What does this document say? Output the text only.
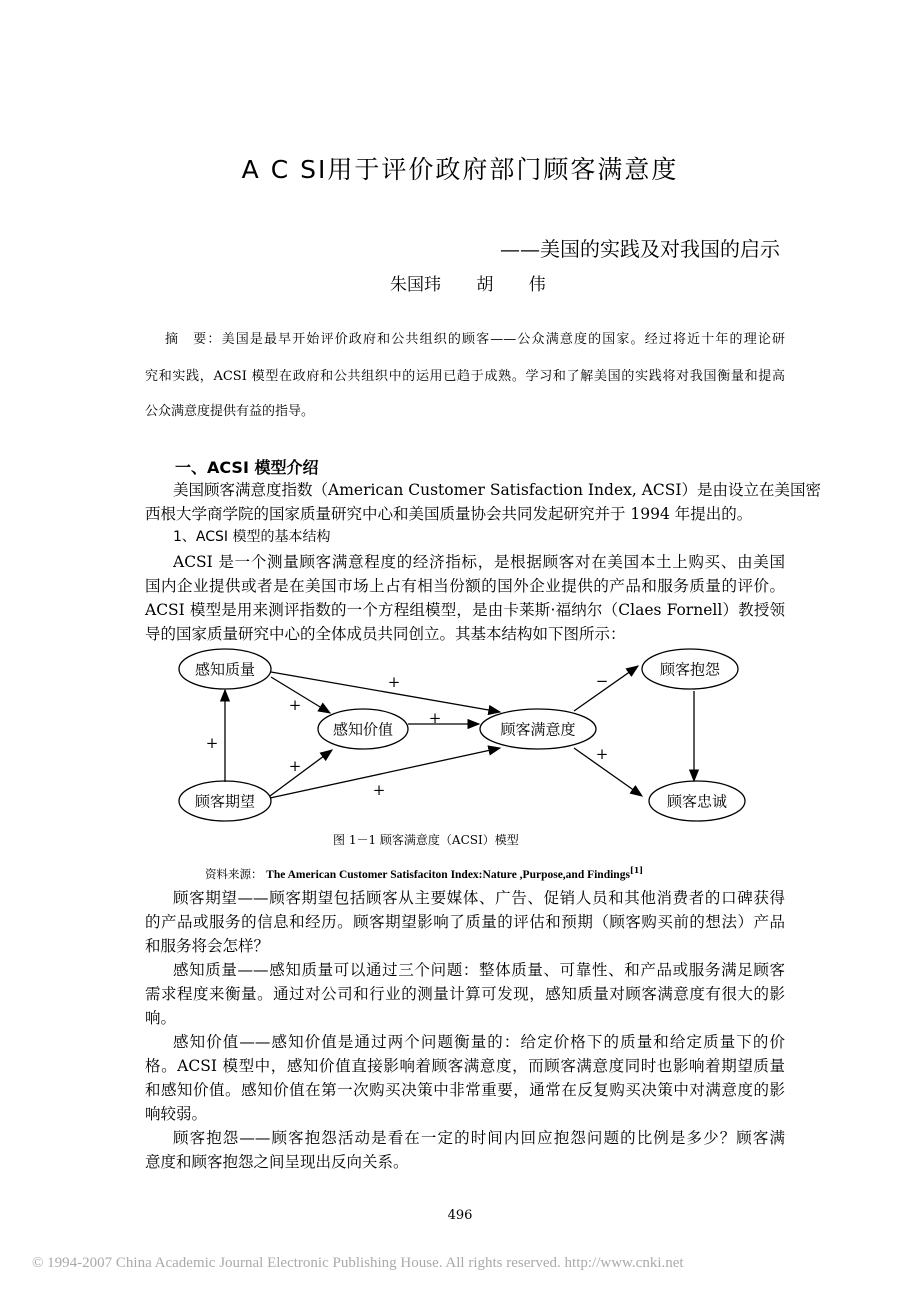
A C SI用于评价政府部门顾客满意度
——美国的实践及对我国的启示
朱国玮 胡 伟
摘　要：美国是最早开始评价政府和公共组织的顾客——公众满意度的国家。经过将近十年的理论研
究和实践，ACSI 模型在政府和公共组织中的运用已趋于成熟。学习和了解美国的实践将对我国衡量和提高
公众满意度提供有益的指导。
一、ACSI 模型介绍
美国顾客满意度指数（American Customer Satisfaction Index, ACSI）是由设立在美国密
西根大学商学院的国家质量研究中心和美国质量协会共同发起研究并于 1994 年提出的。
1、ACSI 模型的基本结构
ACSI 是一个测量顾客满意程度的经济指标，是根据顾客对在美国本土上购买、由美国
国内企业提供或者是在美国市场上占有相当份额的国外企业提供的产品和服务质量的评价。
ACSI 模型是用来测评指数的一个方程组模型，是由卡莱斯·福纳尔（Claes Fornell）教授领
导的国家质量研究中心的全体成员共同创立。其基本结构如下图所示：
感知质量
感知价值	顾客满意度
顾客抱怨
顾客期望	顾客忠诚
+
+
+
+
+
+
−
+
图 1－1 顾客满意度（ACSI）模型
资料来源： The American Customer Satisfaciton Index:Nature ,Purpose,and Findings[1]
顾客期望——顾客期望包括顾客从主要媒体、广告、促销人员和其他消费者的口碑获得
的产品或服务的信息和经历。顾客期望影响了质量的评估和预期（顾客购买前的想法）产品
和服务将会怎样？
感知质量——感知质量可以通过三个问题：整体质量、可靠性、和产品或服务满足顾客
需求程度来衡量。通过对公司和行业的测量计算可发现，感知质量对顾客满意度有很大的影
响。
感知价值——感知价值是通过两个问题衡量的：给定价格下的质量和给定质量下的价
格。ACSI 模型中，感知价值直接影响着顾客满意度，而顾客满意度同时也影响着期望质量
和感知价值。感知价值在第一次购买决策中非常重要，通常在反复购买决策中对满意度的影
响较弱。
顾客抱怨——顾客抱怨活动是看在一定的时间内回应抱怨问题的比例是多少？顾客满
意度和顾客抱怨之间呈现出反向关系。
496
© 1994-2007 China Academic Journal Electronic Publishing House. All rights reserved. http://www.cnki.net
